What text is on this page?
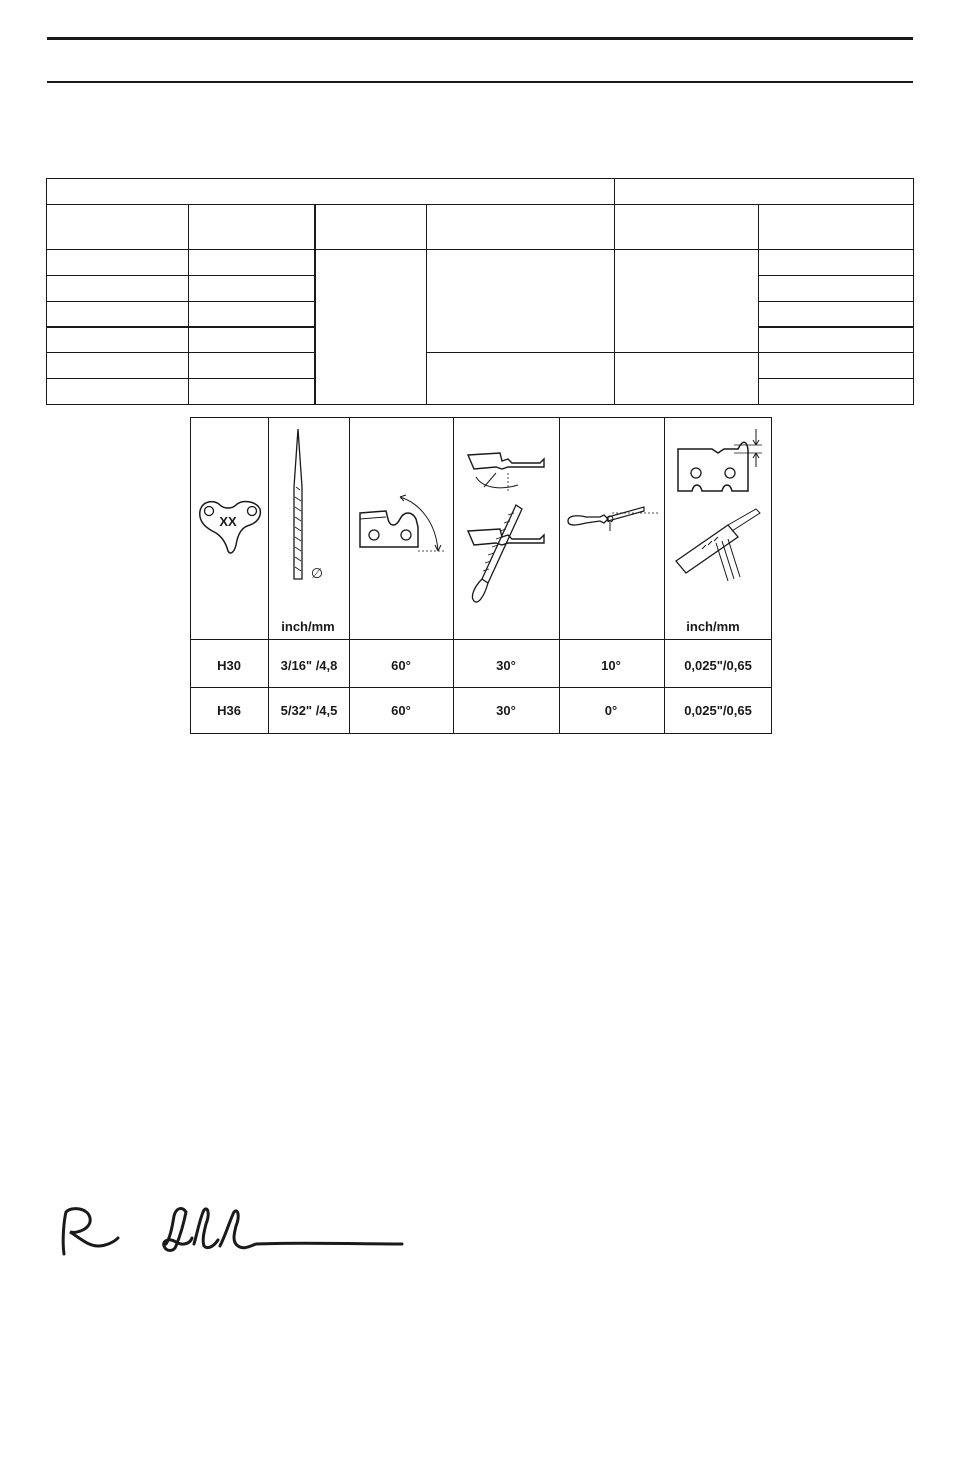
XX
∅
inch/mm	inch/mm
H30	3/16" /4,8	60°	30°	10°	0,025"/0,65
H36	5/32" /4,5	60°	30°	0°	0,025"/0,65
